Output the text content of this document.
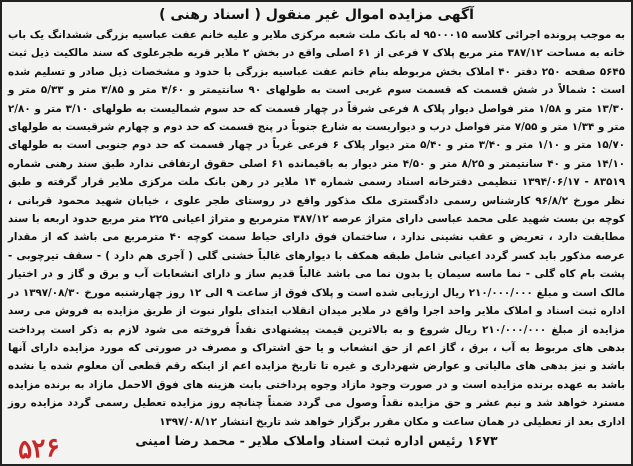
آگهی مزایده اموال غیر منقول ( اسناد رهنی )

به موجب پرونده اجرائی کلاسه ۹۵۰۰۰۱۵ له بانک ملت شعبه مرکزی ملایر و علیه خانم عفت عباسیه بزرگی ششدانگ یک باب خانه به مساحت ۳۸۷/۱۲ متر مربع پلاک ۷ فرعی از ۶۱ اصلی واقع در بخش ۲ ملایر قریه طجرعلوی که سند مالکیت ذیل ثبت ۵۶۴۵ صفحه ۲۵۰ دفتر ۴۰ املاک بخش مربوطه بنام خانم عفت عباسیه بزرگی با حدود و مشخصات ذیل صادر و تسلیم شده است : شمالاً در شش قسمت که قسمت سوم غربی است به طولهای ۹۰ سانتیمتر و ۴/۶۰ متر و ۳/۸۵ متر و ۵/۳۳ متر و ۱۳/۳۰ متر و ۱/۵۸ متر فواصل دیوار پلاک ۸ فرعی شرقاً در چهار قسمت که حد سوم شمالیست به طولهای ۳/۱۰ متر و ۲/۸۰ متر و ۱/۳۴ متر و ۷/۵۵ متر فواصل درب و دیواریست به شارع جنوباً در پنج قسمت که حد دوم و چهارم شرقیست به طولهای ۱۵/۷۰ متر و ۱/۱۰ متر و ۳/۴۰ متر و ۵/۴۰ متر دیوار پلاک ۶ فرعی غرباً در چهار قسمت که حد دوم جنوبی است به طولهای ۱۴/۱۰ متر و ۴۰ سانتیمتر و ۸/۲۵ متر و ۴/۵۰ متر دیوار به باقیمانده ۶۱ اصلی حقوق ارتفاقی ندارد طبق سند رهنی شماره ۸۳۵۱۹ - ۱۳۹۴/۰۶/۱۷ تنظیمی دفترخانه اسناد رسمی شماره ۱۴ ملایر در رهن بانک ملت مرکزی ملایر قرار گرفته و طبق نظر مورخ ۹۶/۸/۲ کارشناس رسمی دادگستری ملک مذکور واقع در روستای طجر علوی ، خیابان شهید محمود قربانی ، کوچه بن بست شهید علی محمد عباسی دارای متراژ عرصه ۳۸۷/۱۲ مترمربع و متراژ اعیانی ۲۲۵ متر مربع حدود اربعه با سند مطابقت دارد ، تعریض و عقب نشینی ندارد ، ساختمان فوق دارای حیاط سمت کوچه ۴۰ مترمربع می باشد که از مقدار عرصه مذکور باید کسر گردد اعیانی شامل طبقه همکف با دیوارهای غالباً خشتی گلی ( آجری هم دارد ) - سقف تیرچوبی - پشت بام کاه گلی - نما ماسه سیمان یا بدون نما می باشد غالباً قدیم ساز و دارای انشعابات آب و برق و گاز و در اختیار مالک است و مبلغ ۲۱۰/۰۰۰/۰۰۰ ریال ارزیابی شده است و پلاک فوق از ساعت ۹ الی ۱۲ روز چهارشنبه مورخ ۱۳۹۷/۰۸/۳۰ در اداره ثبت اسناد و املاک ملایر واحد اجرا واقع در ملایر میدان انقلاب ابتدای بلوار نبوت از طریق مزایده به فروش می رسد مزایده از مبلغ ۲۱۰/۰۰۰/۰۰۰ ریال شروع و به بالاترین قیمت پیشنهادی نقداً فروخته می شود لازم به ذکر است پرداخت بدهی های مربوط به آب ، برق ، گاز اعم از حق انشعاب و یا حق اشتراک و مصرف در صورتی که مورد مزایده دارای آنها باشد و نیز بدهی های مالیاتی و عوارض شهرداری و غیره تا تاریخ مزایده اعم از اینکه رقم قطعی آن معلوم شده یا نشده باشد به عهده برنده مزایده است و در صورت وجود مازاد وجوه پرداختی بابت هزینه های فوق الاحمل مازاد به برنده مزایده مسترد خواهد شد و نیم عشر و حق مزایده نقداً وصول می گردد ضمناً چنانچه روز مزایده تعطیل رسمی گردد مزایده روز اداری بعد از تعطیلی در همان ساعت و مکان مقرر برگزار خواهد شد تاریخ انتشار ۱۳۹۷/۰۸/۱۲

۱۶۷۳ رئیس اداره ثبت اسناد واملاک ملایر - محمد رضا امینی
۵۲۶
